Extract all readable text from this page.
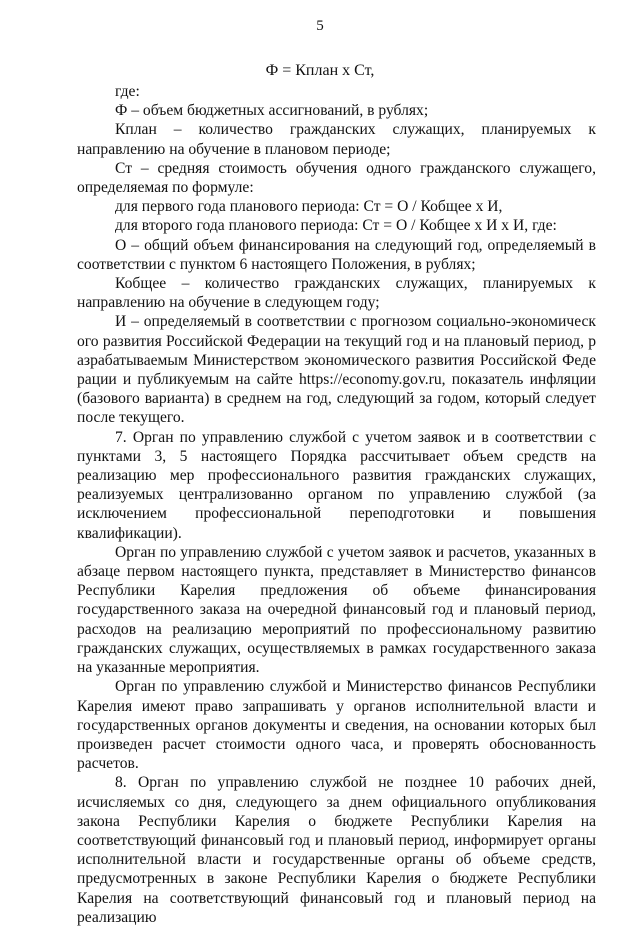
5
Ф = Кплан х Ст,

где:

Ф – объем бюджетных ассигнований, в рублях;

Кплан – количество гражданских служащих, планируемых к направлению на обучение в плановом периоде;

Ст – средняя стоимость обучения одного гражданского служащего, определяемая по формуле:

для первого года планового периода: Ст = О / Кобщее х И,

для второго года планового периода: Ст = О / Кобщее х И х И, где:

О – общий объем финансирования на следующий год, определяемый в соответствии с пунктом 6 настоящего Положения, в рублях;

Кобщее – количество гражданских служащих, планируемых к направлению на обучение в следующем году;

И – определяемый в соответствии с прогнозом социально-экономического развития Российской Федерации на текущий год и на плановый период, разрабатываемым Министерством экономического развития Российской Федерации и публикуемым на сайте https://economy.gov.ru, показатель инфляции (базового варианта) в среднем на год, следующий за годом, который следует после текущего.

7. Орган по управлению службой с учетом заявок и в соответствии с пунктами 3, 5 настоящего Порядка рассчитывает объем средств на реализацию мер профессионального развития гражданских служащих, реализуемых централизованно органом по управлению службой (за исключением профессиональной переподготовки и повышения квалификации).

Орган по управлению службой с учетом заявок и расчетов, указанных в абзаце первом настоящего пункта, представляет в Министерство финансов Республики Карелия предложения об объеме финансирования государственного заказа на очередной финансовый год и плановый период, расходов на реализацию мероприятий по профессиональному развитию гражданских служащих, осуществляемых в рамках государственного заказа на указанные мероприятия.

Орган по управлению службой и Министерство финансов Республики Карелия имеют право запрашивать у органов исполнительной власти и государственных органов документы и сведения, на основании которых был произведен расчет стоимости одного часа, и проверять обоснованность расчетов.

8. Орган по управлению службой не позднее 10 рабочих дней, исчисляемых со дня, следующего за днем официального опубликования закона Республики Карелия о бюджете Республики Карелия на соответствующий финансовый год и плановый период, информирует органы исполнительной власти и государственные органы об объеме средств, предусмотренных в законе Республики Карелия о бюджете Республики Карелия на соответствующий финансовый год и плановый период на реализацию
